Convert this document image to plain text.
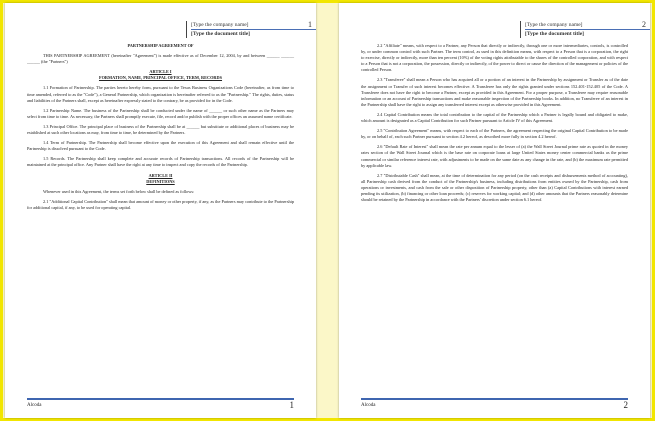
[Type the company name]	1
[Type the document title]

PARTNERSHIP AGREEMENT OF

THIS PARTNERSHIP AGREEMENT (hereinafter "Agreement") is made effective as of December 12, 2004, by and between ______ ______ ______ (the "Partners")

ARTICLE I

FORMATION, NAME, PRINCIPAL OFFICE, TERM, RECORDS

1.1 Formation of Partnership. The parties hereto hereby form, pursuant to the Texas Business Organizations Code (hereinafter, as from time to time amended, referred to as the "Code"), a General Partnership, which organization is hereinafter referred to as the "Partnership." The rights, duties, status and liabilities of the Partners shall, except as hereinafter expressly stated to the contrary, be as provided for in the Code.

1.2 Partnership Name. The business of the Partnership shall be conducted under the name of ______ or such other name as the Partners may select from time to time. As necessary, the Partners shall promptly execute, file, record and/or publish with the proper offices an assumed name certificate.

1.3 Principal Office. The principal place of business of the Partnership shall be at ______ but substitute or additional places of business may be established at such other locations as may, from time to time, be determined by the Partners.

1.4 Term of Partnership. The Partnership shall become effective upon the execution of this Agreement and shall remain effective until the Partnership is dissolved pursuant to the Code.

1.5 Records. The Partnership shall keep complete and accurate records of Partnership transactions. All records of the Partnership will be maintained at the principal office. Any Partner shall have the right at any time to inspect and copy the records of the Partnership.

ARTICLE II

DEFINITIONS

Whenever used in this Agreement, the terms set forth below shall be defined as follows:

2.1 "Additional Capital Contribution" shall mean that amount of money or other property, if any, as the Partners may contribute to the Partnership for additional capital, if any, to be used for operating capital.

Alcoda	1
[Type the company name]	2
[Type the document title]

2.2 "Affiliate" means, with respect to a Partner, any Person that directly or indirectly, through one or more intermediaries, controls, is controlled by, or under common control with such Partner. The term control, as used in this definition means, with respect to a Person that is a corporation, the right to exercise, directly or indirectly, more than ten percent (10%) of the voting rights attributable to the shares of the controlled corporation, and with respect to a Person that is not a corporation, the possession, directly or indirectly, of the power to direct or cause the direction of the management or policies of the controlled Person.

2.3 "Transferee" shall mean a Person who has acquired all or a portion of an interest in the Partnership by assignment or Transfer as of the date the assignment or Transfer of such interest becomes effective. A Transferee has only the rights granted under sections 152.401-152.405 of the Code. A Transferee does not have the right to become a Partner, except as provided in this Agreement. For a proper purpose, a Transferee may require reasonable information or an account of Partnership transactions and make reasonable inspection of the Partnership books. In addition, no Transferee of an interest in the Partnership shall have the right to assign any transferred interest except as otherwise provided in this Agreement.

2.4 Capital Contribution means the total contribution to the capital of the Partnership which a Partner is legally bound and obligated to make, which amount is designated as a Capital Contribution for such Partner pursuant to Article IV of this Agreement.

2.5 "Contribution Agreement" means, with respect to each of the Partners, the agreement respecting the original Capital Contribution to be made by, or on behalf of, each such Partner pursuant to section 4.2 hereof, as described more fully in section 4.2 hereof.

2.6 "Default Rate of Interest" shall mean the rate per annum equal to the lesser of (a) the Wall Street Journal prime rate as quoted in the money rates section of the Wall Street Journal which is the base rate on corporate loans at large United States money center commercial banks as the prime commercial or similar reference interest rate, with adjustments to be made on the same date as any change in the rate, and (b) the maximum rate permitted by applicable law.

2.7 "Distributable Cash" shall mean, at the time of determination for any period (on the cash receipts and disbursements method of accounting), all Partnership cash derived from the conduct of the Partnership's business, including distributions from entities owned by the Partnership, cash from operations or investments, and cash from the sale or other disposition of Partnership property, other than (a) Capital Contributions with interest earned pending its utilization, (b) financing or other loan proceeds; (c) reserves for working capital; and (d) other amounts that the Partners reasonably determine should be retained by the Partnership in accordance with the Partners' discretion under section 6.1 hereof.

Alcoda	2
